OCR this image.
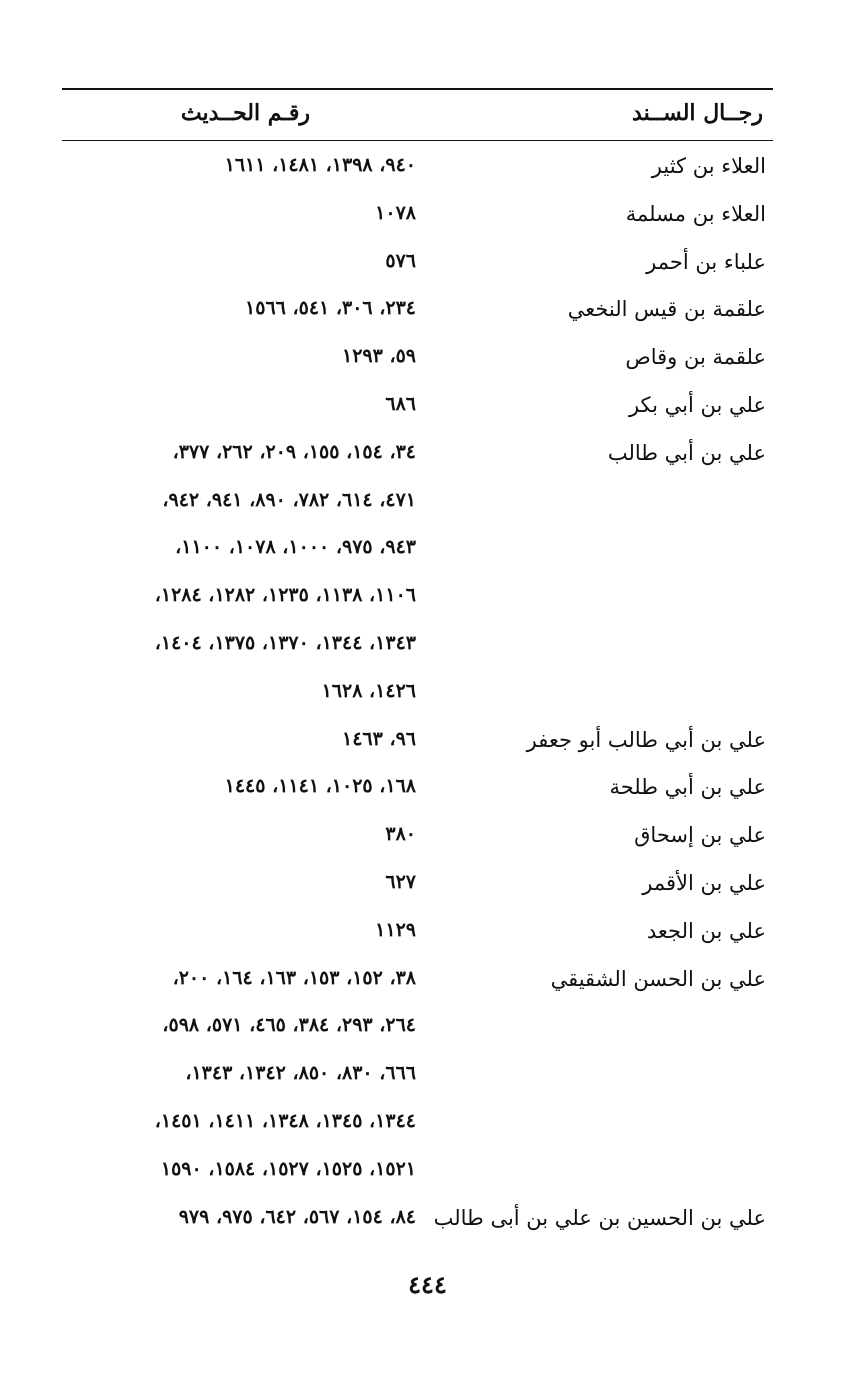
رجــال الســند
رقـم الحــديث
العلاء بن كثير
٩٤٠، ١٣٩٨، ١٤٨١، ١٦١١
العلاء بن مسلمة
١٠٧٨
علباء بن أحمر
٥٧٦
علقمة بن قيس النخعي
٢٣٤، ٣٠٦، ٥٤١، ١٥٦٦
علقمة بن وقاص
٥٩، ١٢٩٣
علي بن أبي بكر
٦٨٦
علي بن أبي طالب
٣٤، ١٥٤، ١٥٥، ٢٠٩، ٢٦٢، ٣٧٧،
٤٧١، ٦١٤، ٧٨٢، ٨٩٠، ٩٤١، ٩٤٢،
٩٤٣، ٩٧٥، ١٠٠٠، ١٠٧٨، ١١٠٠،
١١٠٦، ١١٣٨، ١٢٣٥، ١٢٨٢، ١٢٨٤،
١٣٤٣، ١٣٤٤، ١٣٧٠، ١٣٧٥، ١٤٠٤،
١٤٢٦، ١٦٢٨
علي بن أبي طالب أبو جعفر
٩٦، ١٤٦٣
علي بن أبي طلحة
١٦٨، ١٠٢٥، ١١٤١، ١٤٤٥
علي بن إسحاق
٣٨٠
علي بن الأقمر
٦٢٧
علي بن الجعد
١١٢٩
علي بن الحسن الشقيقي
٣٨، ١٥٢، ١٥٣، ١٦٣، ١٦٤، ٢٠٠،
٢٦٤، ٢٩٣، ٣٨٤، ٤٦٥، ٥٧١، ٥٩٨،
٦٦٦، ٨٣٠، ٨٥٠، ١٣٤٢، ١٣٤٣،
١٣٤٤، ١٣٤٥، ١٣٤٨، ١٤١١، ١٤٥١،
١٥٢١، ١٥٢٥، ١٥٢٧، ١٥٨٤، ١٥٩٠
علي بن الحسين بن علي بن أبى طالب
٨٤، ١٥٤، ٥٦٧، ٦٤٢، ٩٧٥، ٩٧٩
٤٤٤
